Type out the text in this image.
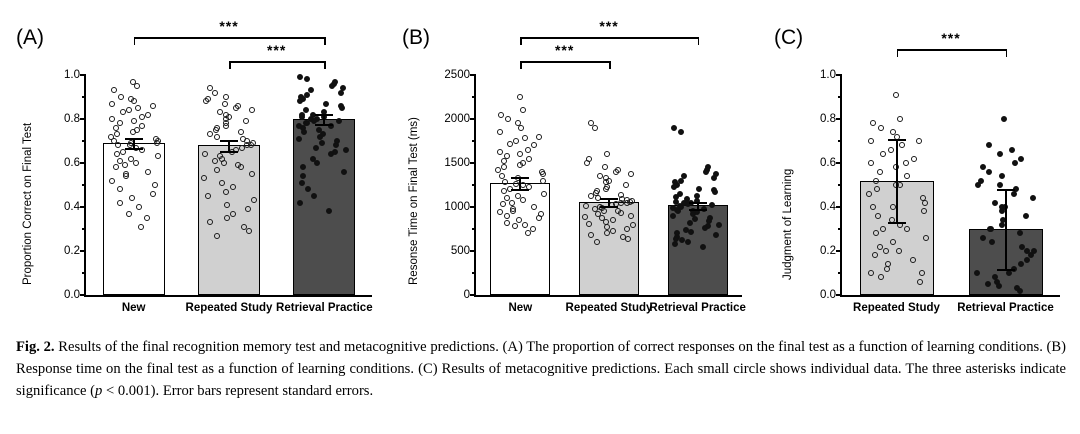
(A)
Proportion Correct on Final Test
0.0
0.2
0.4
0.6
0.8
1.0
New	Repeated Study Retrieval Practice
***
***
(B)
Resonse Time on Final Test (ms)
0
500
1000
1500
2000
2500
New	Repeated Study
Retrieval Practice
***
***
(C)
Judgment of Learning
0.0
0.2
0.4
0.6
0.8
1.0
Repeated Study Retrieval Practice
***
Fig. 2. Results of the final recognition memory test and metacognitive predictions. (A) The proportion of correct responses on the final test as a function of learning conditions. (B) Response time on the final test as a function of learning conditions. (C) Results of metacognitive predictions. Each small circle shows individual data. The three asterisks indicate significance (p < 0.001). Error bars represent standard errors.
